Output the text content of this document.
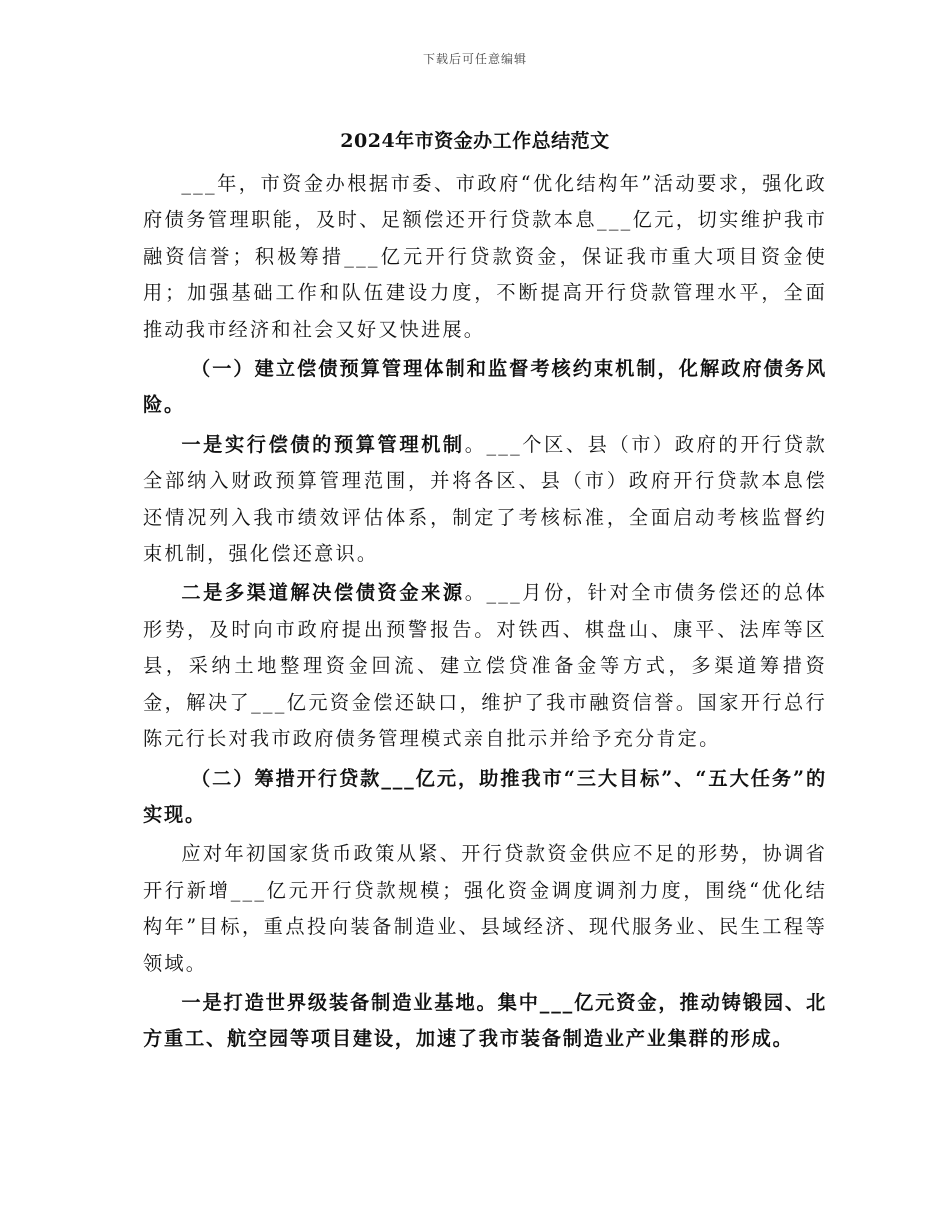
下载后可任意编辑
2024年市资金办工作总结范文

___年，市资金办根据市委、市政府“优化结构年”活动要求，强化政府债务管理职能，及时、足额偿还开行贷款本息___亿元，切实维护我市融资信誉；积极筹措___亿元开行贷款资金，保证我市重大项目资金使用；加强基础工作和队伍建设力度，不断提高开行贷款管理水平，全面推动我市经济和社会又好又快进展。

（一）建立偿债预算管理体制和监督考核约束机制，化解政府债务风险。

一是实行偿债的预算管理机制。___个区、县（市）政府的开行贷款全部纳入财政预算管理范围，并将各区、县（市）政府开行贷款本息偿还情况列入我市绩效评估体系，制定了考核标准，全面启动考核监督约束机制，强化偿还意识。

二是多渠道解决偿债资金来源。___月份，针对全市债务偿还的总体形势，及时向市政府提出预警报告。对铁西、棋盘山、康平、法库等区县，采纳土地整理资金回流、建立偿贷准备金等方式，多渠道筹措资金，解决了___亿元资金偿还缺口，维护了我市融资信誉。国家开行总行陈元行长对我市政府债务管理模式亲自批示并给予充分肯定。

（二）筹措开行贷款___亿元，助推我市“三大目标”、“五大任务”的实现。

应对年初国家货币政策从紧、开行贷款资金供应不足的形势，协调省开行新增___亿元开行贷款规模；强化资金调度调剂力度，围绕“优化结构年”目标，重点投向装备制造业、县域经济、现代服务业、民生工程等领域。

一是打造世界级装备制造业基地。集中___亿元资金，推动铸锻园、北方重工、航空园等项目建设，加速了我市装备制造业产业集群的形成。
